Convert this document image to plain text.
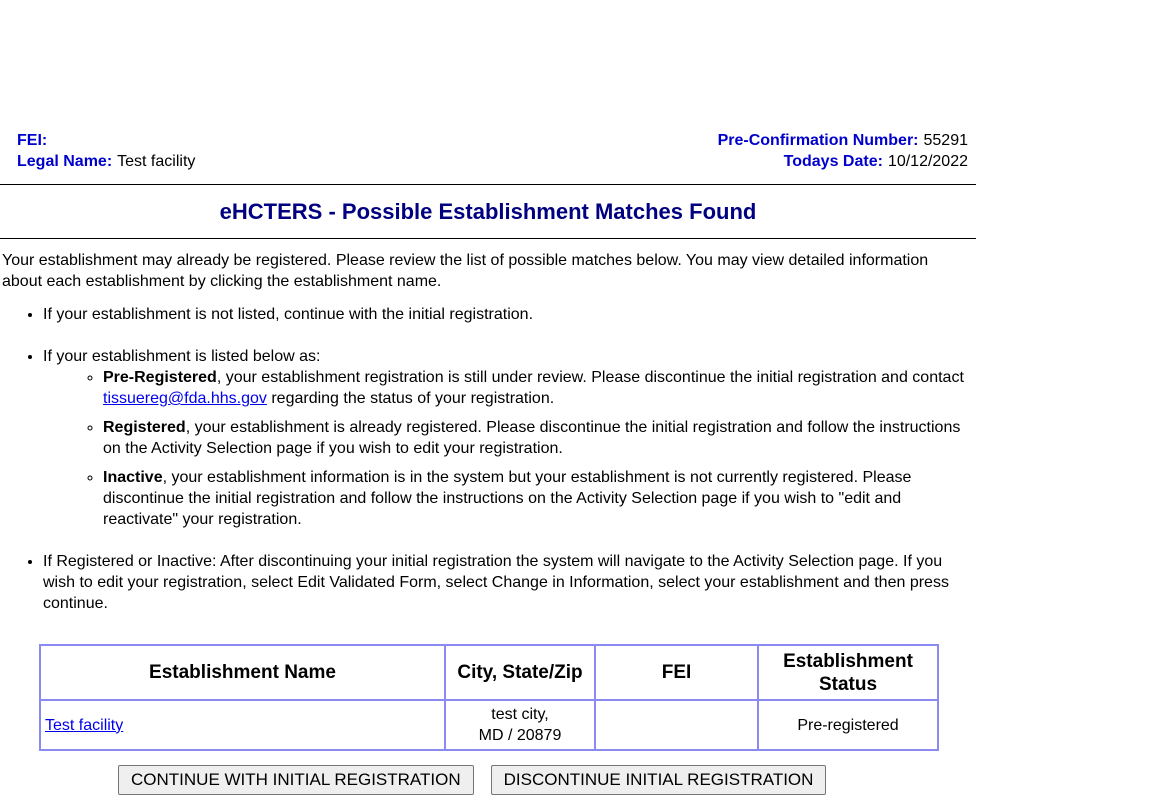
FEI:
Legal Name: Test facility
Pre-Confirmation Number: 55291
Todays Date: 10/12/2022
eHCTERS - Possible Establishment Matches Found
Your establishment may already be registered. Please review the list of possible matches below. You may view detailed information about each establishment by clicking the establishment name.
• If your establishment is not listed, continue with the initial registration.
• If your establishment is listed below as:
◦ Pre-Registered, your establishment registration is still under review. Please discontinue the initial registration and contact tissuereg@fda.hhs.gov regarding the status of your registration.
◦ Registered, your establishment is already registered. Please discontinue the initial registration and follow the instructions on the Activity Selection page if you wish to edit your registration.
◦ Inactive, your establishment information is in the system but your establishment is not currently registered. Please discontinue the initial registration and follow the instructions on the Activity Selection page if you wish to "edit and reactivate" your registration.
• If Registered or Inactive: After discontinuing your initial registration the system will navigate to the Activity Selection page. If you wish to edit your registration, select Edit Validated Form, select Change in Information, select your establishment and then press continue.
Establishment Name	City, State/Zip	FEI	Establishment Status
Test facility	test city,
MD / 20879		Pre-registered
CONTINUE WITH INITIAL REGISTRATION	DISCONTINUE INITIAL REGISTRATION
